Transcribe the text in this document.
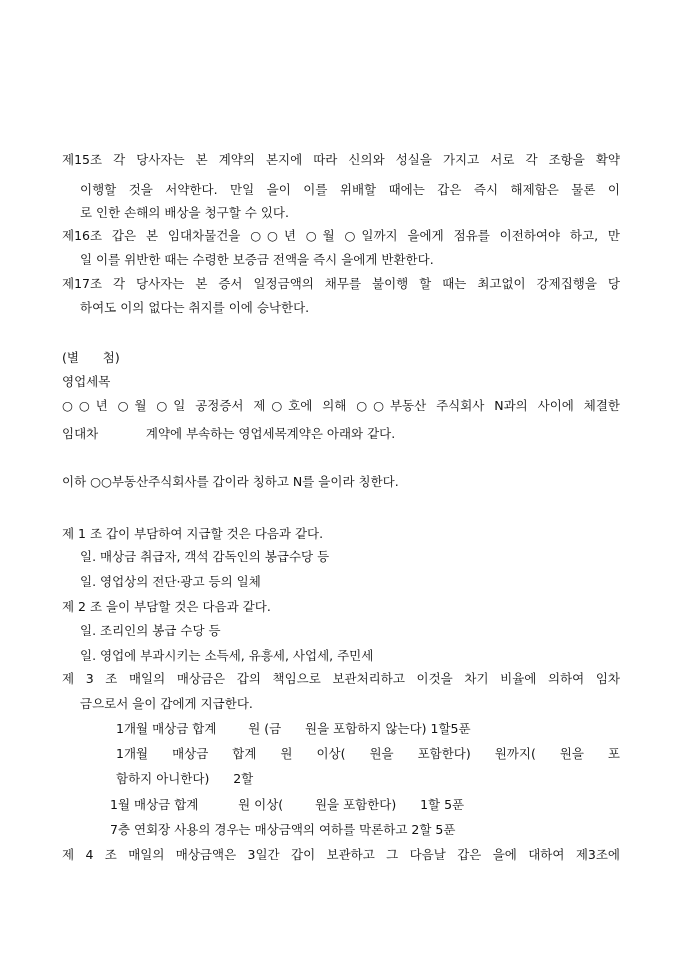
제15조 각 당사자는 본 계약의 본지에 따라 신의와 성실을 가지고 서로 각 조항을 확약
이행할 것을 서약한다. 만일 을이 이를 위배할 때에는 갑은 즉시 해제함은 물론 이
로 인한 손해의 배상을 청구할 수 있다.
제16조 갑은 본 임대차물건을 ○○년 ○월 ○일까지 을에게 점유를 이전하여야 하고, 만
일 이를 위반한 때는 수령한 보증금 전액을 즉시 을에게 반환한다.
제17조 각 당사자는 본 증서 일정금액의 채무를 불이행 할 때는 최고없이 강제집행을 당
하여도 이의 없다는 취지를 이에 승낙한다.
(별      첨)
영업세목
○○년 ○월 ○일 공정증서 제○호에 의해 ○○부동산 주식회사 N과의 사이에 체결한
임대차            계약에 부속하는 영업세목계약은 아래와 같다.
이하 ○○부동산주식회사를 갑이라 칭하고 N를 을이라 칭한다.
제 1 조 갑이 부담하여 지급할 것은 다음과 같다.
일. 매상금 취급자, 객석 감독인의 봉급수당 등
일. 영업상의 전단·광고 등의 일체
제 2 조 을이 부담할 것은 다음과 같다.
일. 조리인의 봉급 수당 등
일. 영업에 부과시키는 소득세, 유흥세, 사업세, 주민세
제 3 조 매일의 매상금은 갑의 책임으로 보관처리하고 이것을 차기 비율에 의하여 임차
금으로서 을이 갑에게 지급한다.
1개월 매상금 합계        원 (금      원을 포함하지 않는다) 1할5푼
1개월 매상금 합계 원 이상( 원을 포함한다) 원까지( 원을 포
함하지 아니한다)      2할
1월 매상금 합계          원 이상(        원을 포함한다)      1할 5푼
7층 연회장 사용의 경우는 매상금액의 여하를 막론하고 2할 5푼
제 4 조 매일의 매상금액은 3일간 갑이 보관하고 그 다음날 갑은 을에 대하여 제3조에
